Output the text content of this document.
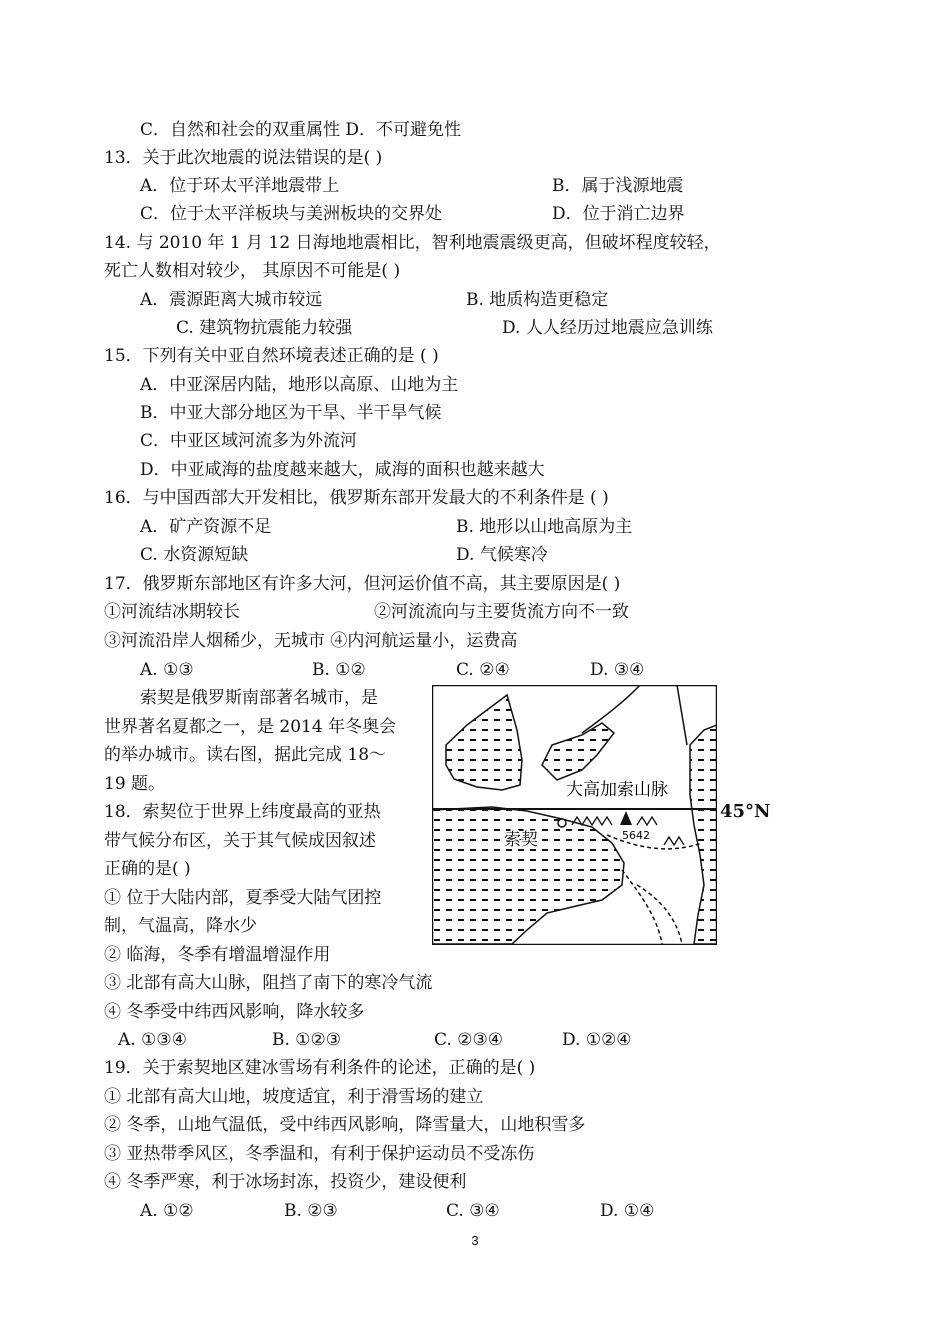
C．自然和社会的双重属性 D．不可避免性
13．关于此次地震的说法错误的是( )
A．位于环太平洋地震带上	B．属于浅源地震
C．位于太平洋板块与美洲板块的交界处	D．位于消亡边界
14. 与 2010 年 1 月 12 日海地地震相比，智利地震震级更高，但破坏程度较轻，
死亡人数相对较少， 其原因不可能是( )
A．震源距离大城市较远	B. 地质构造更稳定
C. 建筑物抗震能力较强	D. 人人经历过地震应急训练
15．下列有关中亚自然环境表述正确的是 ( )
A．中亚深居内陆，地形以高原、山地为主
B．中亚大部分地区为干旱、半干旱气候
C．中亚区域河流多为外流河
D．中亚咸海的盐度越来越大，咸海的面积也越来越大
16．与中国西部大开发相比，俄罗斯东部开发最大的不利条件是 ( )
A．矿产资源不足	B. 地形以山地高原为主
C. 水资源短缺	D. 气候寒冷
17．俄罗斯东部地区有许多大河，但河运价值不高，其主要原因是( )
①河流结冰期较长	②河流流向与主要货流方向不一致
③河流沿岸人烟稀少，无城市 ④内河航运量小，运费高
A. ①③	B. ①②	C. ②④	D. ③④
索契是俄罗斯南部著名城市，是
世界著名夏都之一，是 2014 年冬奥会
的举办城市。读右图，据此完成 18～
19 题。
18．索契位于世界上纬度最高的亚热
带气候分布区，关于其气候成因叙述
正确的是( )
① 位于大陆内部，夏季受大陆气团控
制，气温高，降水少
② 临海，冬季有增温增湿作用
③ 北部有高大山脉，阻挡了南下的寒冷气流
④ 冬季受中纬西风影响，降水较多
A. ①③④	B. ①②③	C. ②③④	D. ①②④
19．关于索契地区建冰雪场有利条件的论述，正确的是( )
① 北部有高大山地，坡度适宜，利于滑雪场的建立
② 冬季，山地气温低，受中纬西风影响，降雪量大，山地积雪多
③ 亚热带季风区，冬季温和，有利于保护运动员不受冻伤
④ 冬季严寒，利于冰场封冻，投资少，建设便利
A. ①②	B. ②③	C. ③④	D. ①④
大高加索山脉
索契	5642
45°N
3
